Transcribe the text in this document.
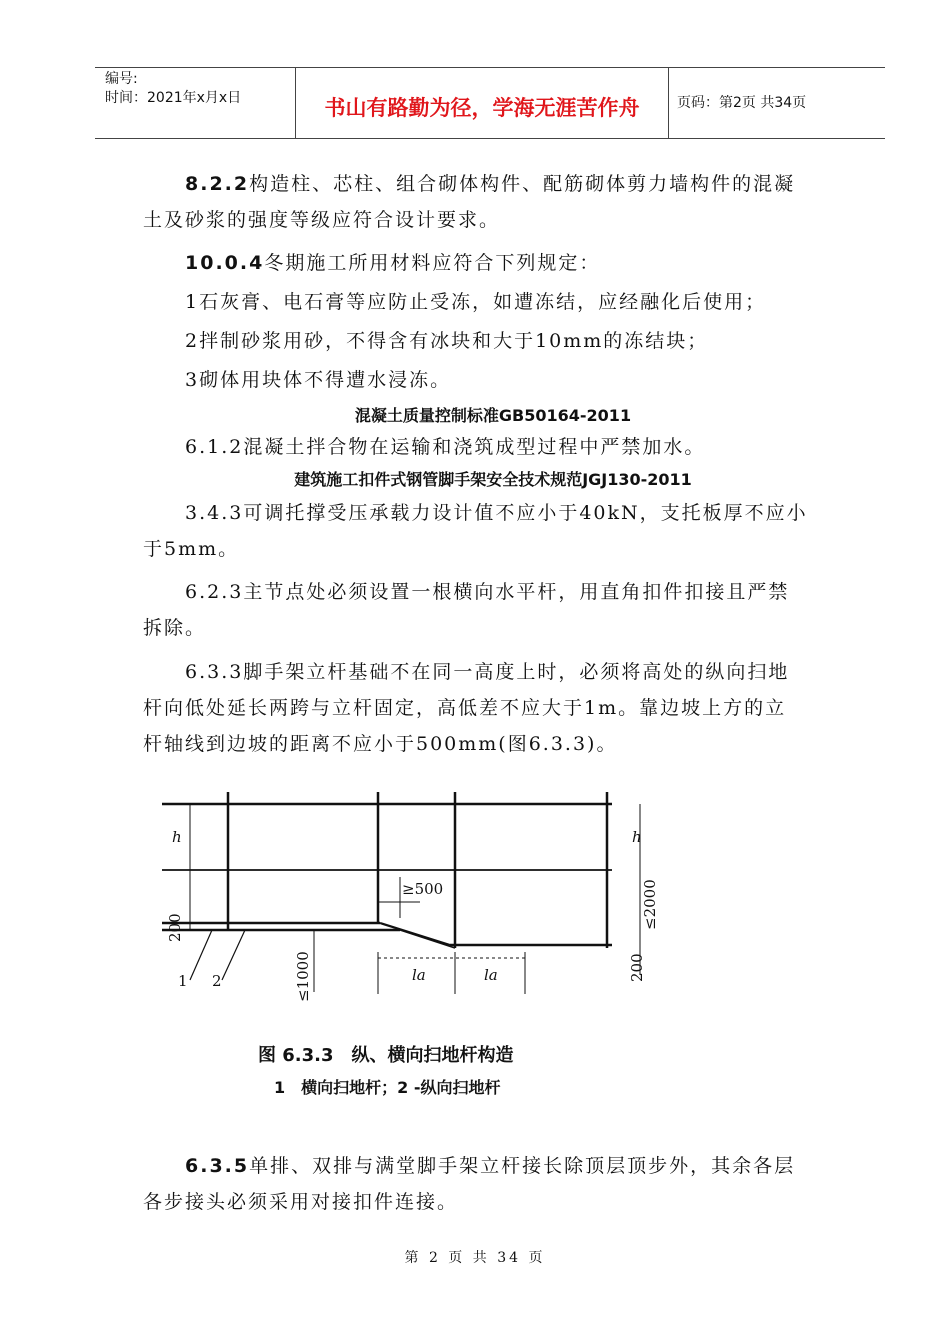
编号:
时间：2021年x月x日	书山有路勤为径，学海无涯苦作舟	页码：第2页 共34页
8.2.2构造柱、芯柱、组合砌体构件、配筋砌体剪力墙构件的混凝
土及砂浆的强度等级应符合设计要求。
10.0.4冬期施工所用材料应符合下列规定：
1石灰膏、电石膏等应防止受冻，如遭冻结，应经融化后使用；
2拌制砂浆用砂，不得含有冰块和大于10mm的冻结块；
3砌体用块体不得遭水浸冻。
混凝土质量控制标准GB50164-2011
6.1.2混凝土拌合物在运输和浇筑成型过程中严禁加水。
建筑施工扣件式钢管脚手架安全技术规范JGJ130-2011
3.4.3可调托撑受压承载力设计值不应小于40kN，支托板厚不应小
于5mm。
6.2.3主节点处必须设置一根横向水平杆，用直角扣件扣接且严禁
拆除。
6.3.3脚手架立杆基础不在同一高度上时，必须将高处的纵向扫地
杆向低处延长两跨与立杆固定，高低差不应大于1m。靠边坡上方的立
杆轴线到边坡的距离不应小于500mm(图6.3.3)。
h	h
≥500	≤2000
200
200
≤1000
1 2	la	la
图 6.3.3　纵、横向扫地杆构造
1　横向扫地杆；2 -纵向扫地杆
6.3.5单排、双排与满堂脚手架立杆接长除顶层顶步外，其余各层
各步接头必须采用对接扣件连接。
第 2 页 共 34 页
